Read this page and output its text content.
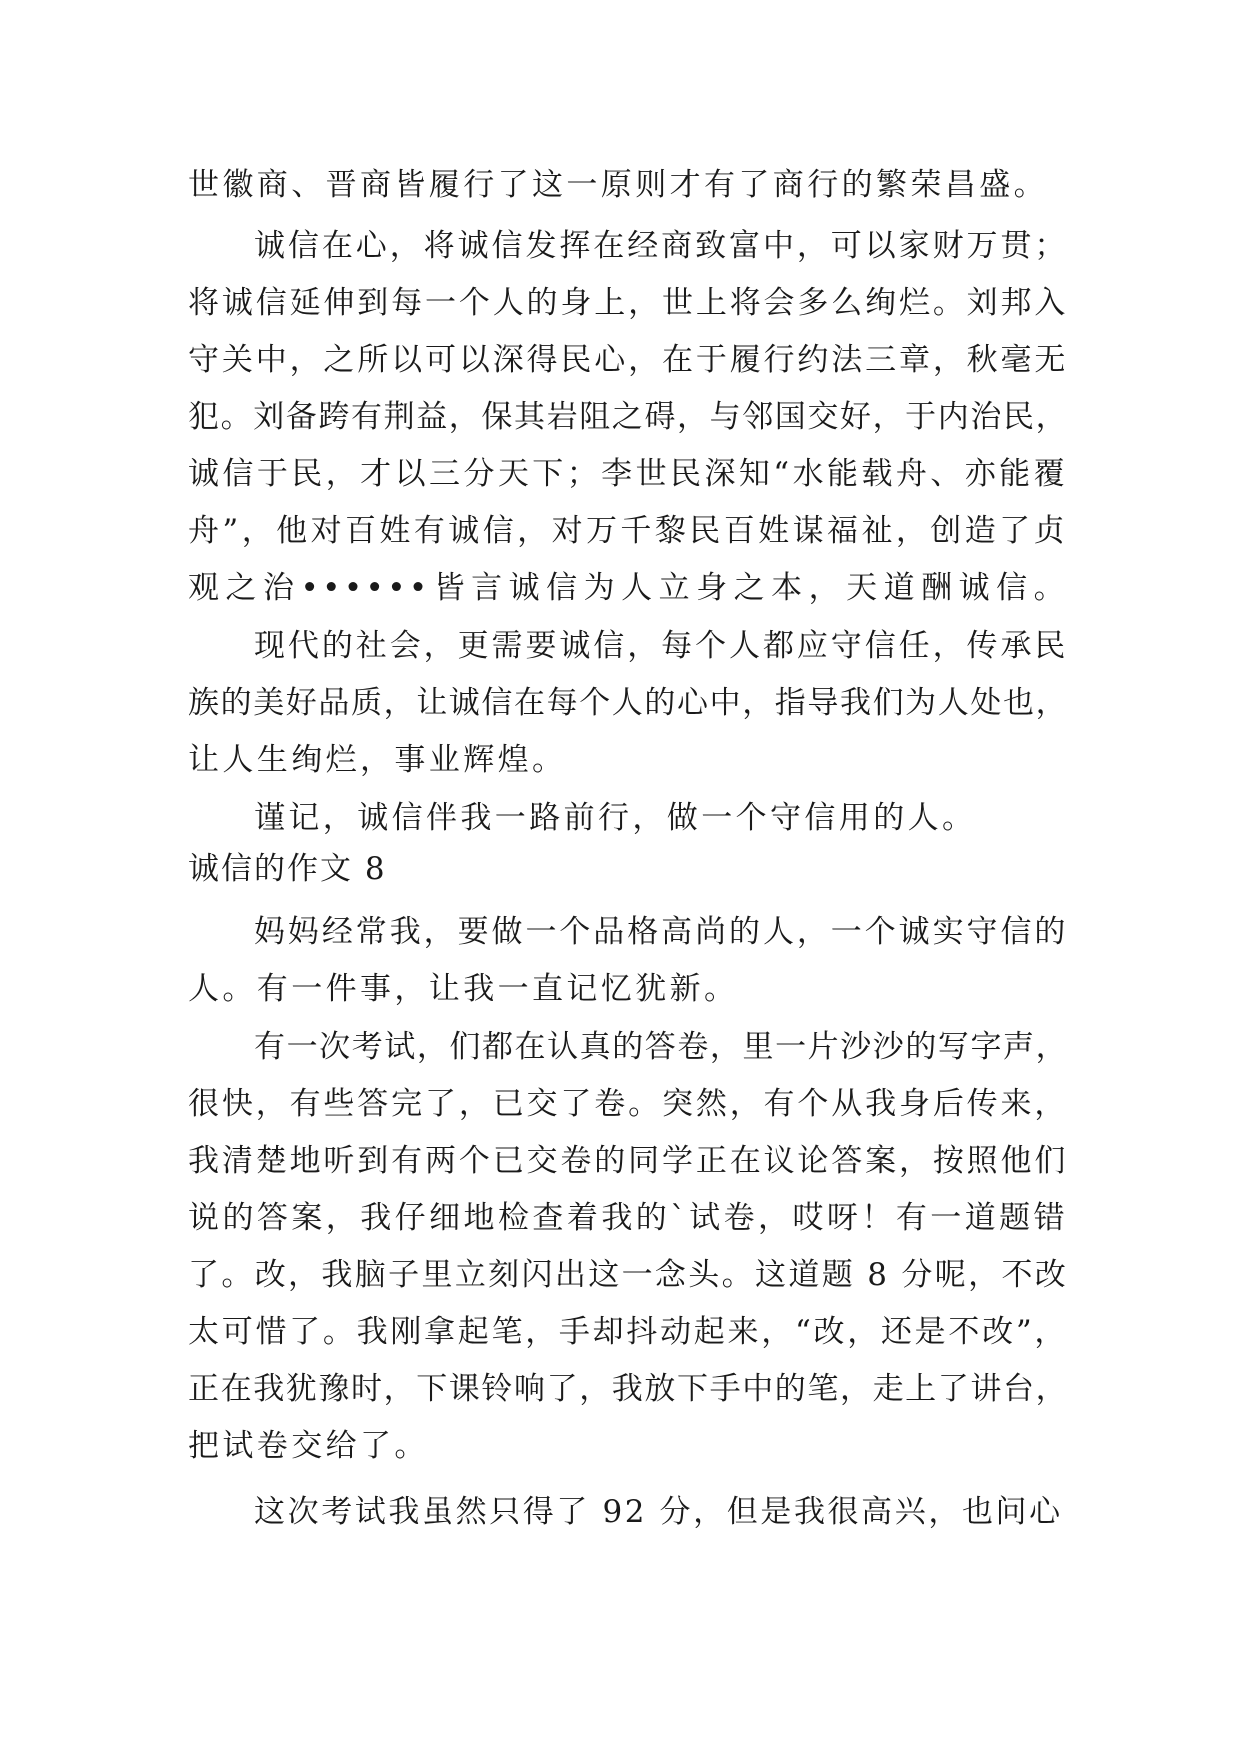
世徽商、晋商皆履行了这一原则才有了商行的繁荣昌盛。
诚信在心，将诚信发挥在经商致富中，可以家财万贯；
将诚信延伸到每一个人的身上，世上将会多么绚烂。刘邦入
守关中，之所以可以深得民心，在于履行约法三章，秋毫无
犯。刘备跨有荆益，保其岩阻之碍，与邻国交好，于内治民，
诚信于民，才以三分天下；李世民深知“水能载舟、亦能覆
舟”，他对百姓有诚信，对万千黎民百姓谋福祉，创造了贞
观之治••••••皆言诚信为人立身之本，天道酬诚信。
现代的社会，更需要诚信，每个人都应守信任，传承民
族的美好品质，让诚信在每个人的心中，指导我们为人处也，
让人生绚烂，事业辉煌。
谨记，诚信伴我一路前行，做一个守信用的人。
诚信的作文 8
妈妈经常我，要做一个品格高尚的人，一个诚实守信的
人。有一件事，让我一直记忆犹新。
有一次考试，们都在认真的答卷，里一片沙沙的写字声，
很快，有些答完了，已交了卷。突然，有个从我身后传来，
我清楚地听到有两个已交卷的同学正在议论答案，按照他们
说的答案，我仔细地检查着我的`试卷，哎呀！有一道题错
了。改，我脑子里立刻闪出这一念头。这道题 8 分呢，不改
太可惜了。我刚拿起笔，手却抖动起来，“改，还是不改”，
正在我犹豫时，下课铃响了，我放下手中的笔，走上了讲台，
把试卷交给了。
这次考试我虽然只得了 92 分，但是我很高兴，也问心
